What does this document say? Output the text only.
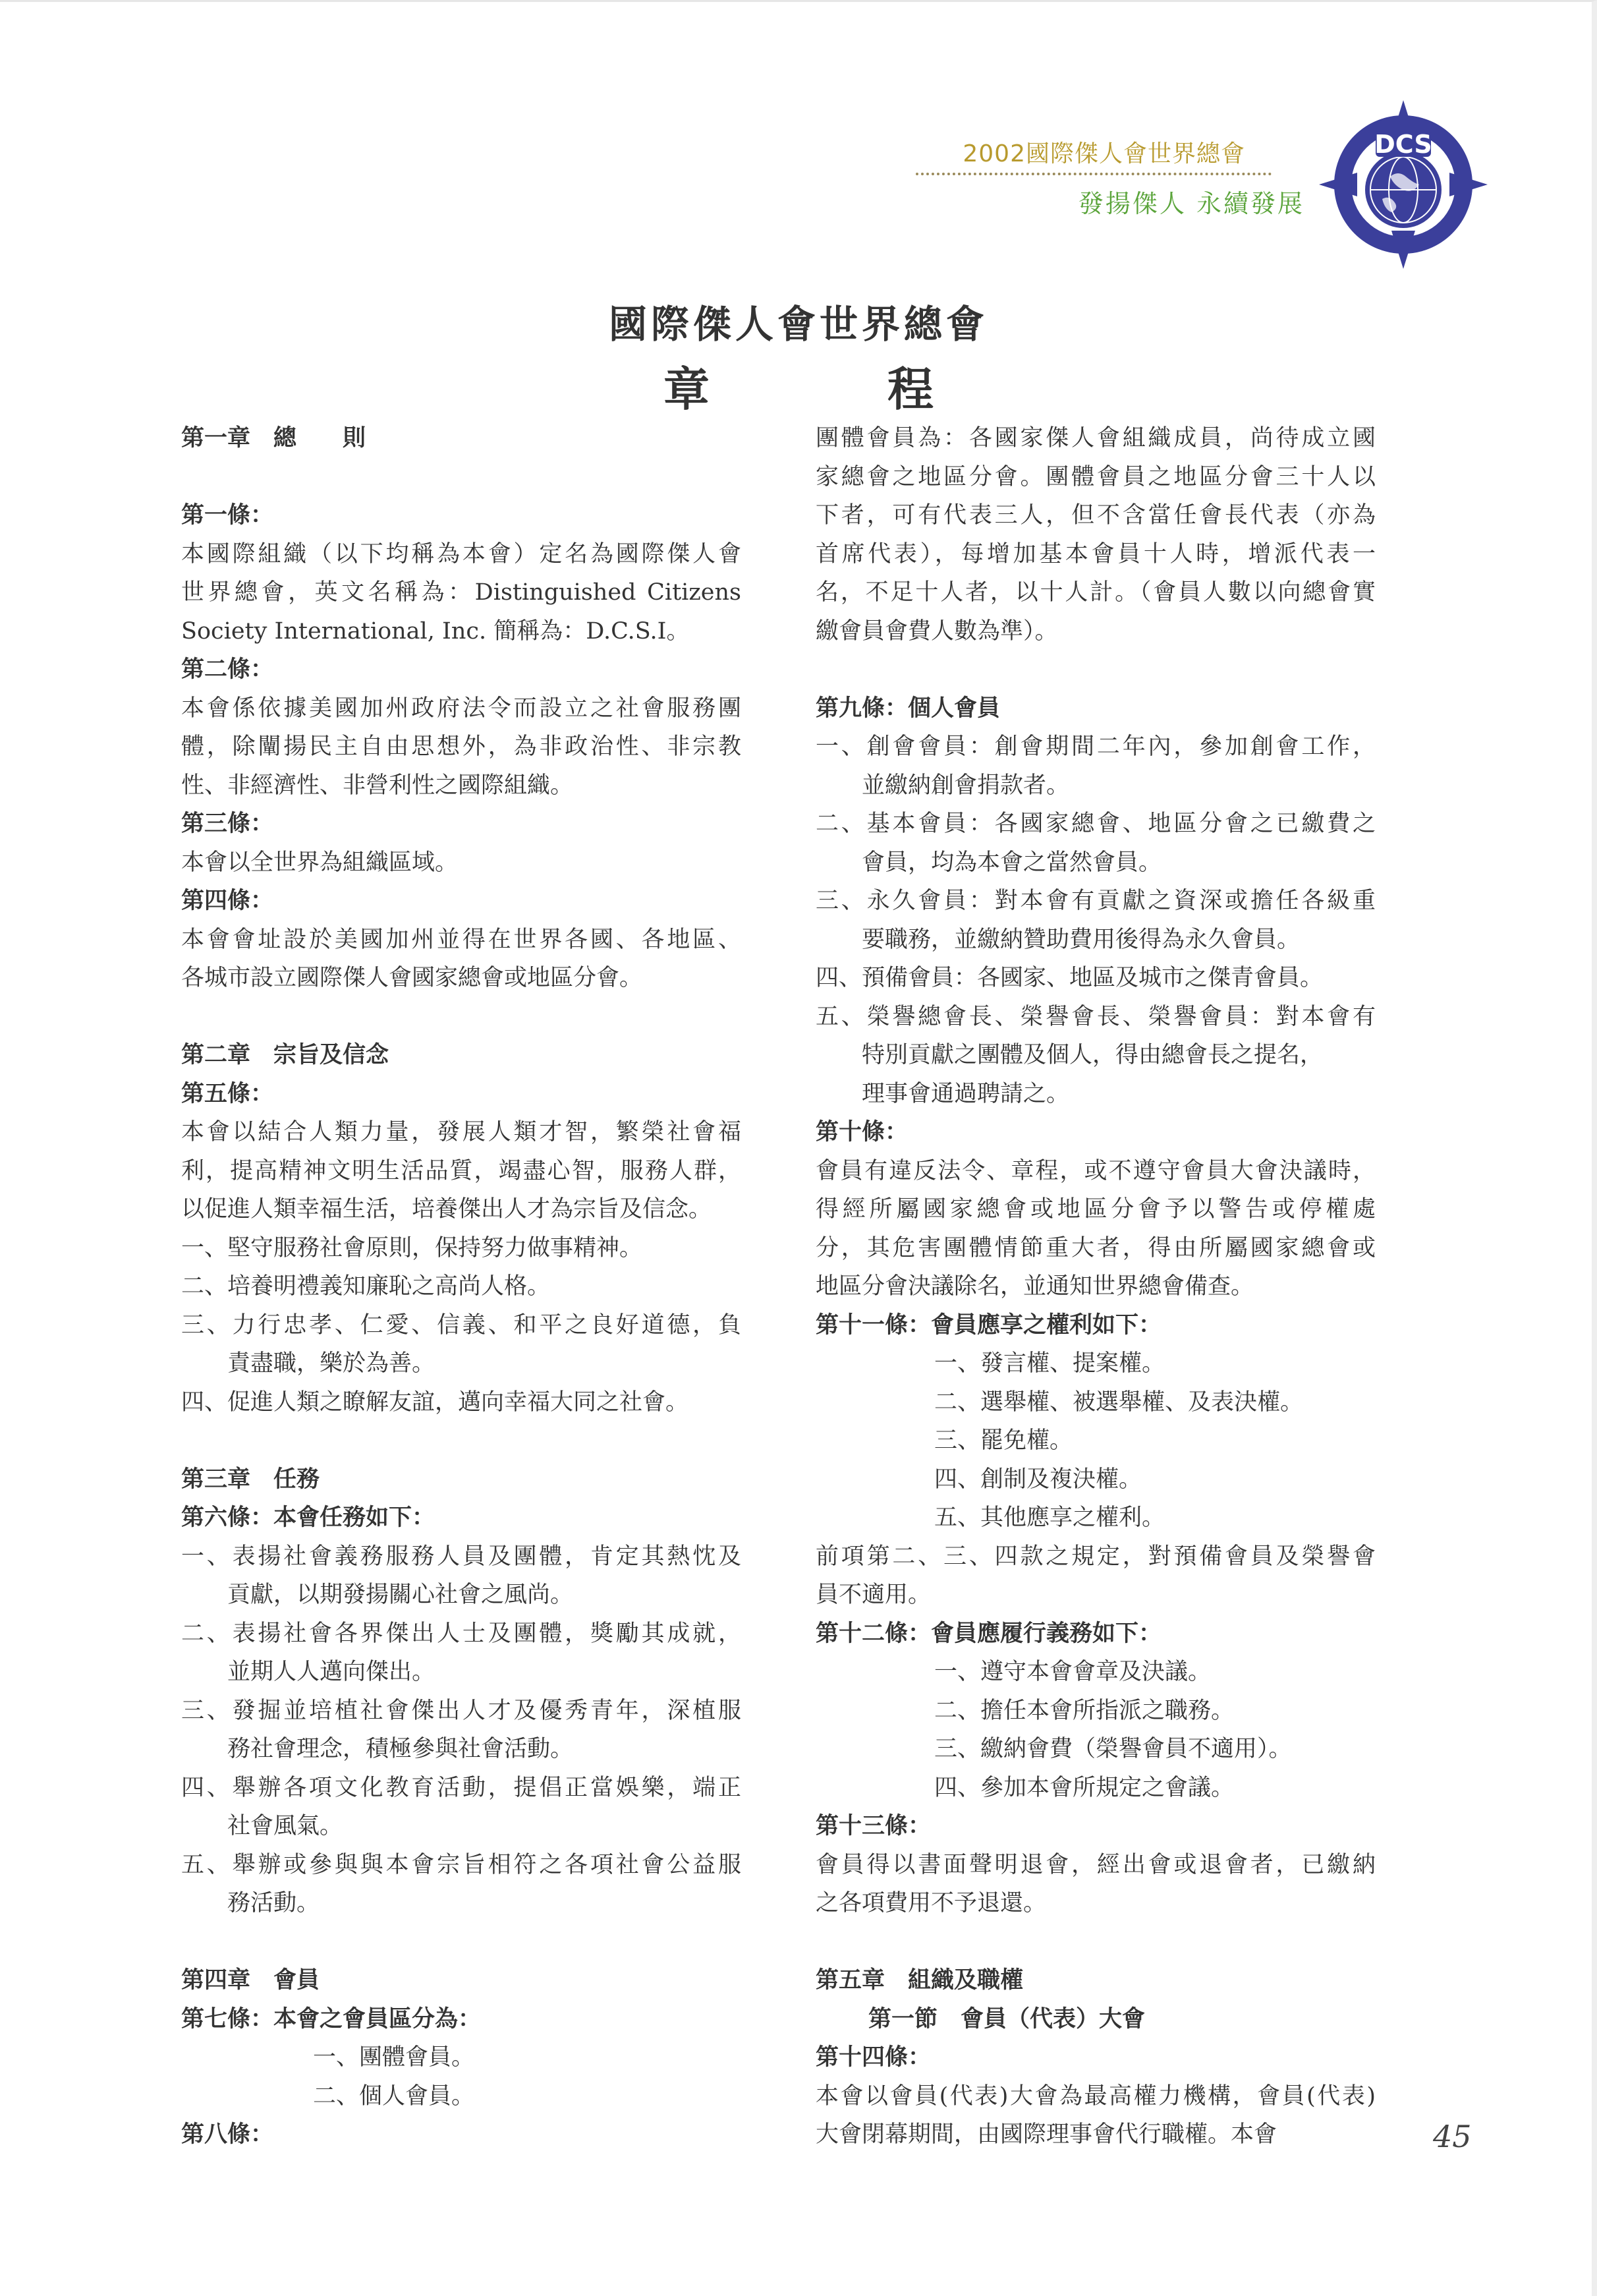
2002國際傑人會世界總會
發揚傑人 永續發展
DCS
國際傑人會世界總會
章　程
第一章　總　　則
第一條：
本國際組織（以下均稱為本會）定名為國際傑人會
世界總會，英文名稱為：Distinguished Citizens
Society International, Inc. 簡稱為：D.C.S.I。
第二條：
本會係依據美國加州政府法令而設立之社會服務團
體，除闡揚民主自由思想外，為非政治性、非宗教
性、非經濟性、非營利性之國際組織。
第三條：
本會以全世界為組織區域。
第四條：
本會會址設於美國加州並得在世界各國、各地區、
各城市設立國際傑人會國家總會或地區分會。
第二章　宗旨及信念
第五條：
本會以結合人類力量，發展人類才智，繁榮社會福
利，提高精神文明生活品質，竭盡心智，服務人群，
以促進人類幸福生活，培養傑出人才為宗旨及信念。
一、堅守服務社會原則，保持努力做事精神。
二、培養明禮義知廉恥之高尚人格。
三、力行忠孝、仁愛、信義、和平之良好道德，負
責盡職，樂於為善。
四、促進人類之瞭解友誼，邁向幸福大同之社會。
第三章　任務
第六條：本會任務如下：
一、表揚社會義務服務人員及團體，肯定其熱忱及
貢獻，以期發揚關心社會之風尚。
二、表揚社會各界傑出人士及團體，獎勵其成就，
並期人人邁向傑出。
三、發掘並培植社會傑出人才及優秀青年，深植服
務社會理念，積極參與社會活動。
四、舉辦各項文化教育活動，提倡正當娛樂，端正
社會風氣。
五、舉辦或參與與本會宗旨相符之各項社會公益服
務活動。
第四章　會員
第七條：本會之會員區分為：
一、團體會員。
二、個人會員。
第八條：
團體會員為：各國家傑人會組織成員，尚待成立國
家總會之地區分會。團體會員之地區分會三十人以
下者，可有代表三人，但不含當任會長代表（亦為
首席代表），每增加基本會員十人時，增派代表一
名，不足十人者，以十人計。（會員人數以向總會實
繳會員會費人數為準）。
第九條：個人會員
一、創會會員：創會期間二年內，參加創會工作，
並繳納創會捐款者。
二、基本會員：各國家總會、地區分會之已繳費之
會員，均為本會之當然會員。
三、永久會員：對本會有貢獻之資深或擔任各級重
要職務，並繳納贊助費用後得為永久會員。
四、預備會員：各國家、地區及城市之傑青會員。
五、榮譽總會長、榮譽會長、榮譽會員：對本會有
特別貢獻之團體及個人，得由總會長之提名，
理事會通過聘請之。
第十條：
會員有違反法令、章程，或不遵守會員大會決議時，
得經所屬國家總會或地區分會予以警告或停權處
分，其危害團體情節重大者，得由所屬國家總會或
地區分會決議除名，並通知世界總會備查。
第十一條：會員應享之權利如下：
一、發言權、提案權。
二、選舉權、被選舉權、及表決權。
三、罷免權。
四、創制及複決權。
五、其他應享之權利。
前項第二、三、四款之規定，對預備會員及榮譽會
員不適用。
第十二條：會員應履行義務如下：
一、遵守本會會章及決議。
二、擔任本會所指派之職務。
三、繳納會費（榮譽會員不適用）。
四、參加本會所規定之會議。
第十三條：
會員得以書面聲明退會，經出會或退會者，已繳納
之各項費用不予退還。
第五章　組織及職權
第一節　會員（代表）大會
第十四條：
本會以會員(代表)大會為最高權力機構，會員(代表)
大會閉幕期間，由國際理事會代行職權。本會	45
